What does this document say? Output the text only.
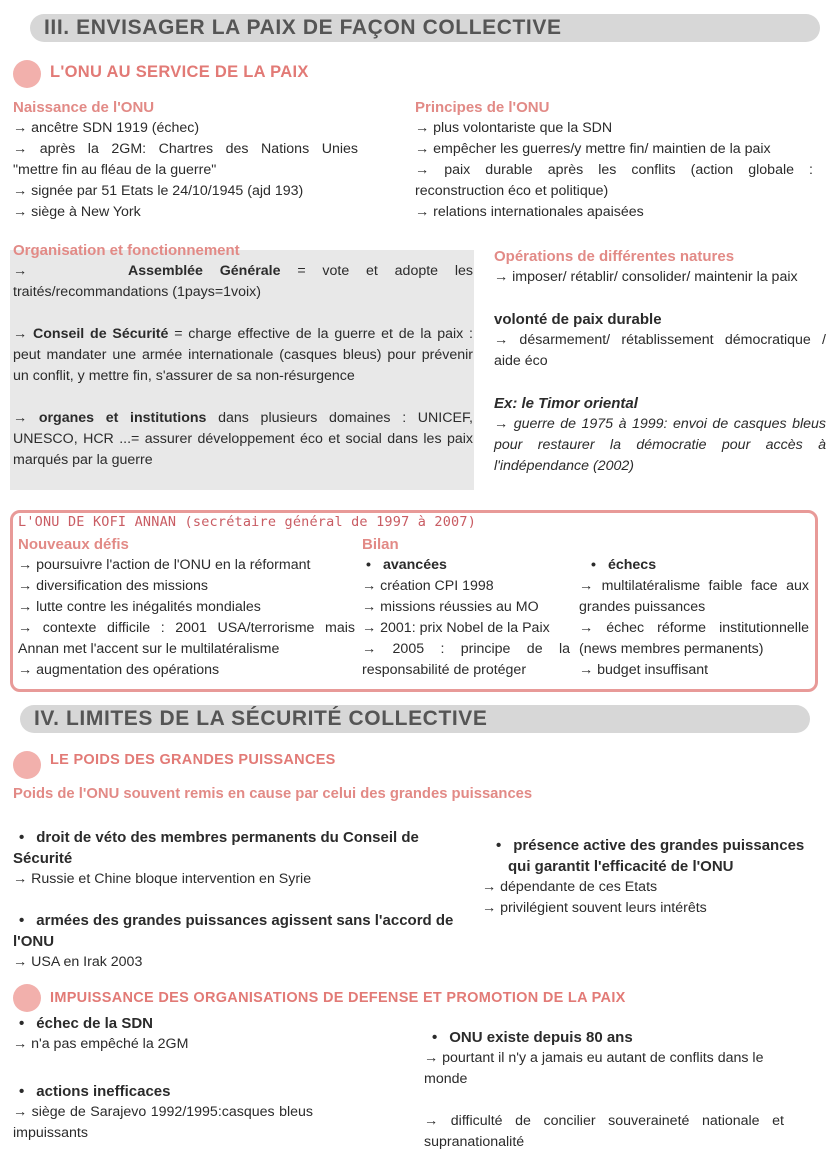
III. ENVISAGER LA PAIX DE FAÇON COLLECTIVE
L'ONU AU SERVICE DE LA PAIX
Naissance de l'ONU
→ ancêtre SDN 1919 (échec)
→ après la 2GM: Chartres des Nations Unies
"mettre fin au fléau de la guerre"
→ signée par 51 Etats le 24/10/1945 (ajd 193)
→ siège à New York
Principes de l'ONU
→ plus volontariste que la SDN
→ empêcher les guerres/y mettre fin/ maintien de la paix
→ paix durable après les conflits (action globale :
reconstruction éco et politique)
→ relations internationales apaisées
Organisation et fonctionnement
→	Assemblée Générale = vote et adopte les traités/recommandations (1pays=1voix)
→ Conseil de Sécurité = charge effective de la guerre et de la paix : peut mandater une armée internationale (casques bleus) pour prévenir un conflit, y mettre fin, s'assurer de sa non-résurgence
→ organes et institutions dans plusieurs domaines : UNICEF, UNESCO, HCR ...= assurer développement éco et social dans les paix marqués par la guerre
Opérations de différentes natures
→ imposer/ rétablir/ consolider/ maintenir la paix
volonté de paix durable
→ désarmement/ rétablissement démocratique / aide éco
Ex: le Timor oriental
→ guerre de 1975 à 1999: envoi de casques bleus pour restaurer la démocratie pour accès à l'indépendance (2002)
L'ONU DE KOFI ANNAN (secrétaire général de 1997 à 2007)
Nouveaux défis
→ poursuivre l'action de l'ONU en la réformant
→ diversification des missions
→ lutte contre les inégalités mondiales
→ contexte difficile : 2001 USA/terrorisme mais Annan met l'accent sur le multilatéralisme
→ augmentation des opérations
Bilan
• avancées
→ création CPI 1998
→ missions réussies au MO
→ 2001: prix Nobel de la Paix
→ 2005 : principe de la responsabilité de protéger
• échecs
→ multilatéralisme faible face aux grandes puissances
→ échec réforme institutionnelle (news membres permanents)
→ budget insuffisant
IV. LIMITES DE LA SÉCURITÉ COLLECTIVE
LE POIDS DES GRANDES PUISSANCES
Poids de l'ONU souvent remis en cause par celui des grandes puissances
• droit de véto des membres permanents du Conseil de Sécurité
→ Russie et Chine bloque intervention en Syrie
• armées des grandes puissances agissent sans l'accord de l'ONU
→ USA en Irak 2003
• présence active des grandes puissances qui garantit l'efficacité de l'ONU
→ dépendante de ces Etats
→ privilégient souvent leurs intérêts
IMPUISSANCE DES ORGANISATIONS DE DEFENSE ET PROMOTION DE LA PAIX
• échec de la SDN
→ n'a pas empêché la 2GM
• actions inefficaces
→ siège de Sarajevo 1992/1995:casques bleus impuissants
• ONU existe depuis 80 ans
→ pourtant il n'y a jamais eu autant de conflits dans le monde
→ difficulté de concilier souveraineté nationale et supranationalité
